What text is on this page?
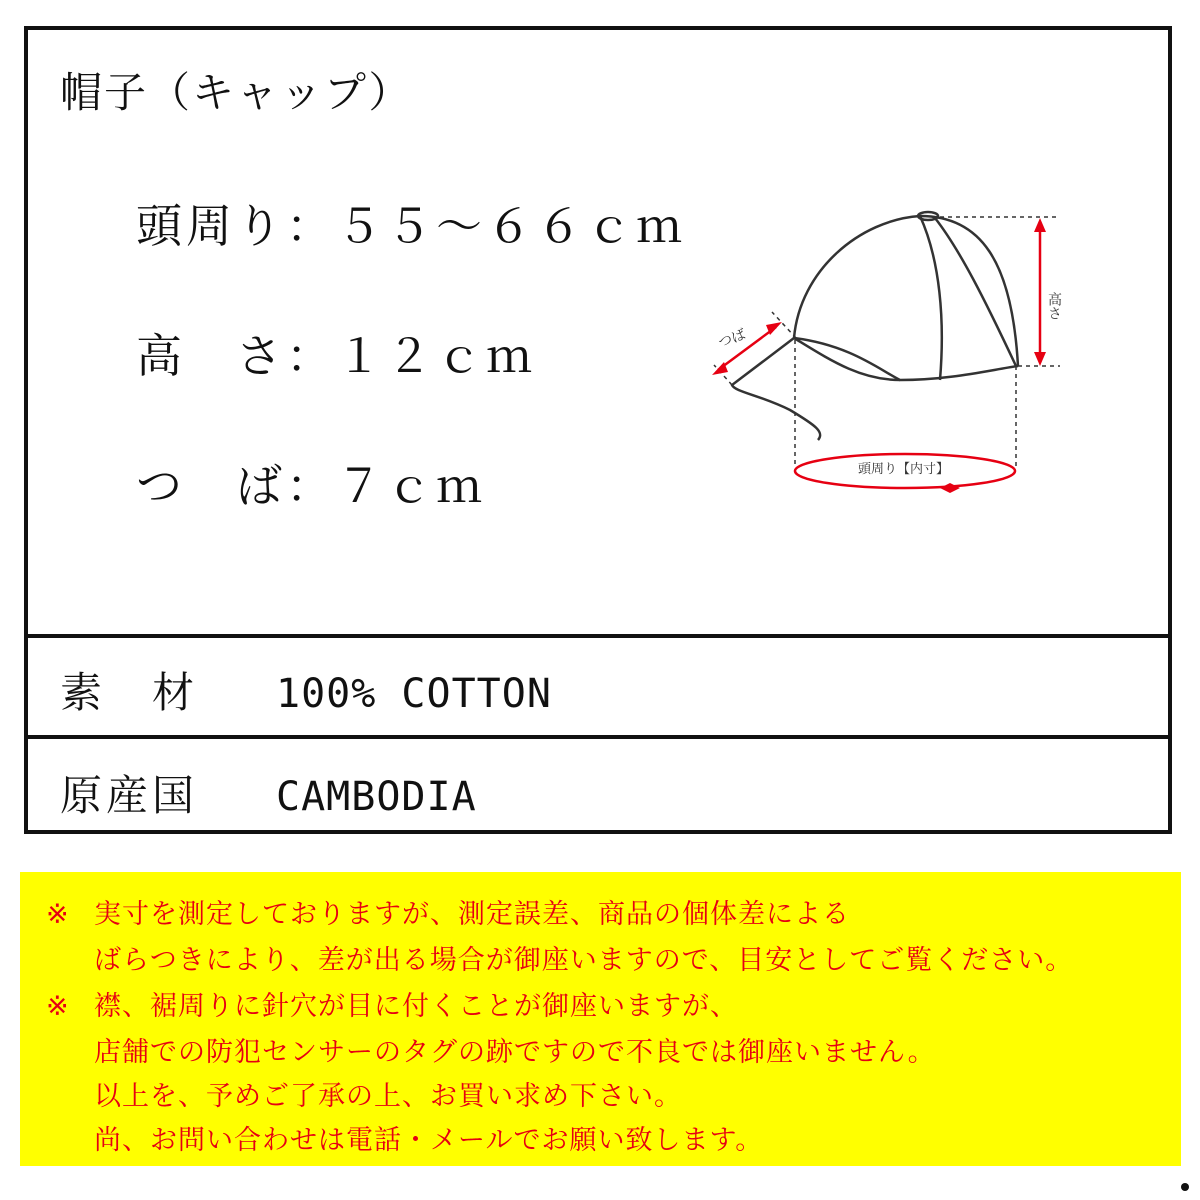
帽子（キャップ）
頭周り：５５～６６ｃｍ
高　さ：１２ｃｍ
つ　ば：７ｃｍ
素　材 100% COTTON
原産国 CAMBODIA
高さ
つば
頭周り【内寸】
※ 実寸を測定しておりますが、測定誤差、商品の個体差による
ばらつきにより、差が出る場合が御座いますので、目安としてご覧ください。
※ 襟、裾周りに針穴が目に付くことが御座いますが、
店舗での防犯センサーのタグの跡ですので不良では御座いません。
以上を、予めご了承の上、お買い求め下さい。
尚、お問い合わせは電話・メールでお願い致します。
